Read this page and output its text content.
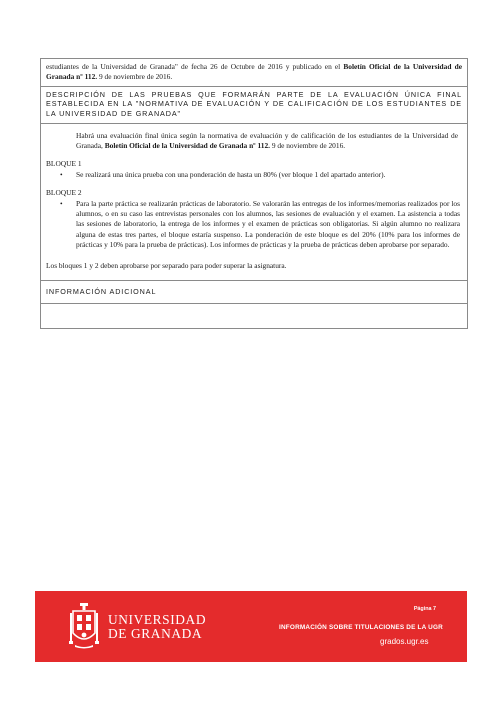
estudiantes de la Universidad de Granada" de fecha 26 de Octubre de 2016 y publicado en el Boletín Oficial de la Universidad de Granada nº 112. 9 de noviembre de 2016.
DESCRIPCIÓN DE LAS PRUEBAS QUE FORMARÁN PARTE DE LA EVALUACIÓN ÚNICA FINAL ESTABLECIDA EN LA "NORMATIVA DE EVALUACIÓN Y DE CALIFICACIÓN DE LOS ESTUDIANTES DE LA UNIVERSIDAD DE GRANADA"
Habrá una evaluación final única según la normativa de evaluación y de calificación de los estudiantes de la Universidad de Granada, Boletín Oficial de la Universidad de Granada nº 112. 9 de noviembre de 2016.
BLOQUE 1
• Se realizará una única prueba con una ponderación de hasta un 80% (ver bloque 1 del apartado anterior).
BLOQUE 2
• Para la parte práctica se realizarán prácticas de laboratorio. Se valorarán las entregas de los informes/memorias realizados por los alumnos, o en su caso las entrevistas personales con los alumnos, las sesiones de evaluación y el examen. La asistencia a todas las sesiones de laboratorio, la entrega de los informes y el examen de prácticas son obligatorias. Si algún alumno no realizara alguna de estas tres partes, el bloque estaría suspenso. La ponderación de este bloque es del 20% (10% para los informes de prácticas y 10% para la prueba de prácticas). Los informes de prácticas y la prueba de prácticas deben aprobarse por separado.
Los bloques 1 y 2 deben aprobarse por separado para poder superar la asignatura.
INFORMACIÓN ADICIONAL
UNIVERSIDAD
DE GRANADA
Página 7
INFORMACIÓN SOBRE TITULACIONES DE LA UGR
grados.ugr.es
